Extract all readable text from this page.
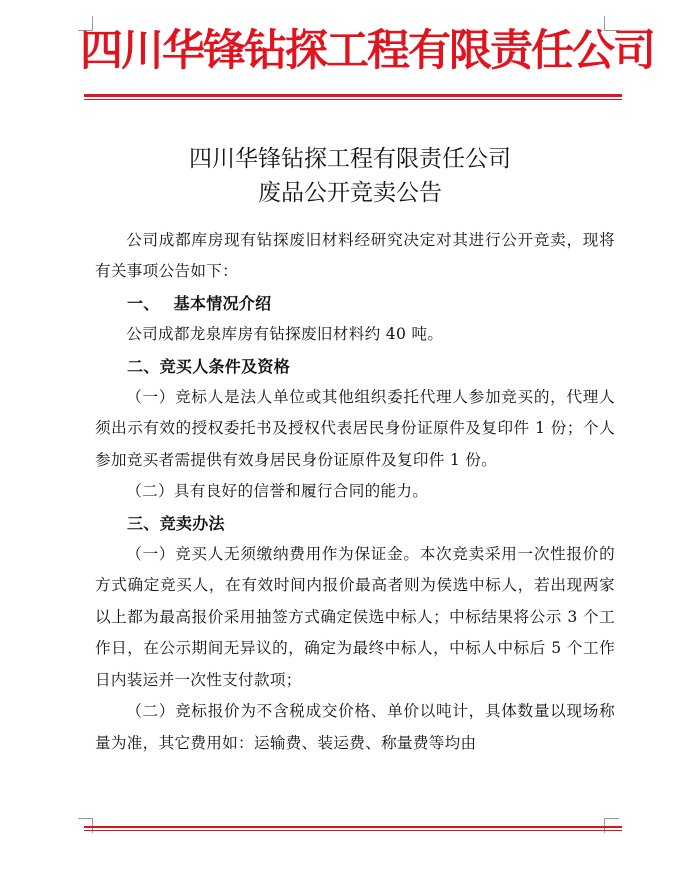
四川华锋钻探工程有限责任公司
四川华锋钻探工程有限责任公司
废品公开竞卖公告

公司成都库房现有钻探废旧材料经研究决定对其进行公开竞卖，现将有关事项公告如下：

一、 基本情况介绍

公司成都龙泉库房有钻探废旧材料约 40 吨。

二、竞买人条件及资格

（一）竞标人是法人单位或其他组织委托代理人参加竞买的，代理人须出示有效的授权委托书及授权代表居民身份证原件及复印件 1 份；个人参加竞买者需提供有效身居民身份证原件及复印件 1 份。

（二）具有良好的信誉和履行合同的能力。

三、竞卖办法

（一）竞买人无须缴纳费用作为保证金。本次竞卖采用一次性报价的方式确定竞买人，在有效时间内报价最高者则为侯选中标人，若出现两家以上都为最高报价采用抽签方式确定侯选中标人；中标结果将公示 3 个工作日，在公示期间无异议的，确定为最终中标人，中标人中标后 5 个工作日内装运并一次性支付款项；

（二）竞标报价为不含税成交价格、单价以吨计，具体数量以现场称量为准，其它费用如：运输费、装运费、称量费等均由
